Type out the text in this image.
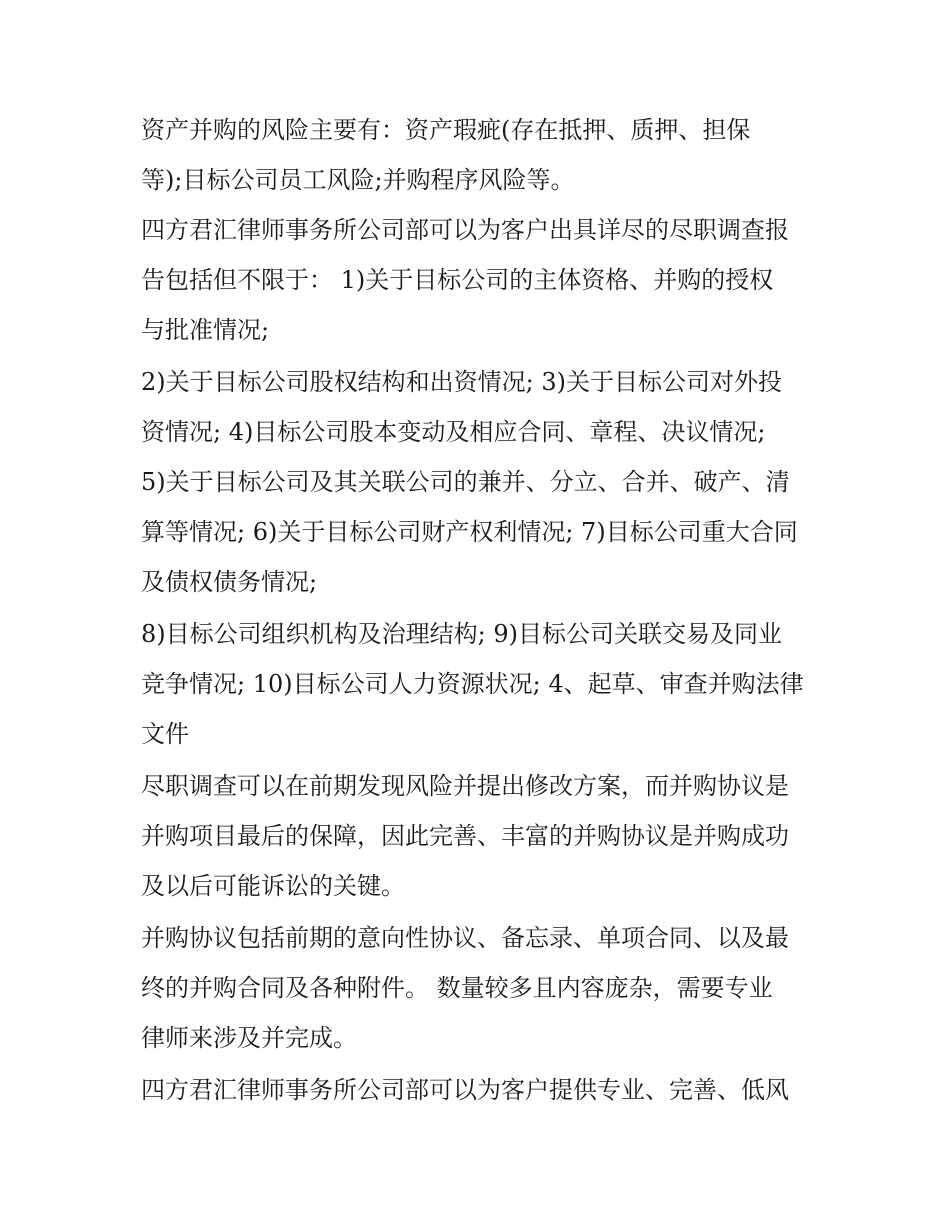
资产并购的风险主要有：资产瑕疵(存在抵押、质押、担保
等);目标公司员工风险;并购程序风险等。
四方君汇律师事务所公司部可以为客户出具详尽的尽职调查报
告包括但不限于： 1)关于目标公司的主体资格、并购的授权
与批准情况;
2)关于目标公司股权结构和出资情况; 3)关于目标公司对外投
资情况; 4)目标公司股本变动及相应合同、章程、决议情况;
5)关于目标公司及其关联公司的兼并、分立、合并、破产、清
算等情况; 6)关于目标公司财产权利情况; 7)目标公司重大合同
及债权债务情况;
8)目标公司组织机构及治理结构; 9)目标公司关联交易及同业
竞争情况; 10)目标公司人力资源状况; 4、起草、审查并购法律
文件
尽职调查可以在前期发现风险并提出修改方案，而并购协议是
并购项目最后的保障，因此完善、丰富的并购协议是并购成功
及以后可能诉讼的关键。
并购协议包括前期的意向性协议、备忘录、单项合同、以及最
终的并购合同及各种附件。 数量较多且内容庞杂，需要专业
律师来涉及并完成。
四方君汇律师事务所公司部可以为客户提供专业、完善、低风
